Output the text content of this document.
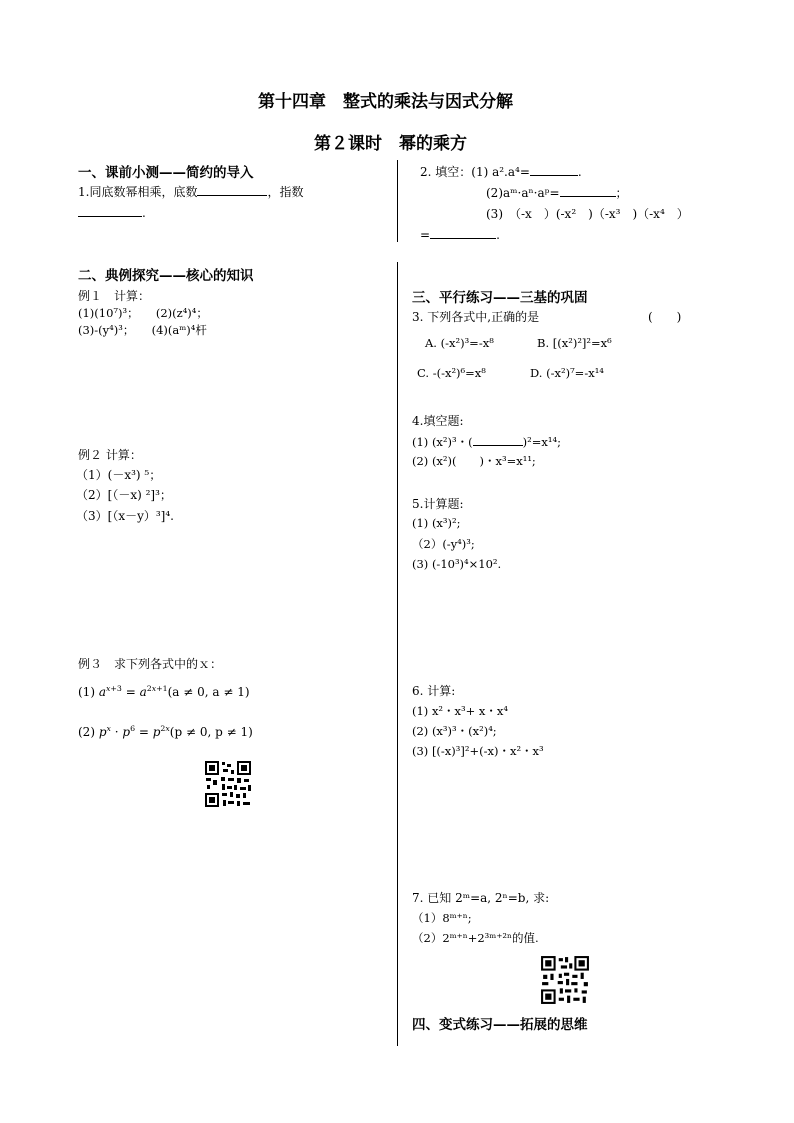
第十四章　整式的乘法与因式分解
第２课时　幂的乘方
一、课前小测——简约的导入
1.同底数幂相乘，底数	，指数
.
二、典例探究——核心的知识
例１　计算：
(1)(10⁷)³；　　(2)(z⁴)⁴；
(3)-(y⁴)³；　　(4)(aᵐ)⁴杆
例２ 计算：
（1）(－x³) ⁵；
（2）[（－x) ²]³；
（3）[（x－y）³]⁴.
例３　求下列各式中的ｘ：
(1) $a^{x+3} = a^{2x+1}(a \ne 0$, a ≠ 1)
(2) $p^x \cdot p^6 = p^{2x}(p \ne 0$, p ≠ 1)
2. 填空：(1) a².a⁴=	.
(2)aᵐ·aⁿ·aᵖ=	；
(3)　（-x　）(-x²　)（-x³　)（-x⁴　）
=	.
三、平行练习——三基的巩固
3. 下列各式中,正确的是	(　　)
A. (-x²)³=-x⁸	B. [(x²)²]²=x⁶
C. -(-x²)⁶=x⁸	D. (-x²)⁷=-x¹⁴
4.填空题:
(1) (x²)³・(	)²=x¹⁴;
(2) (x²)(　　)・x³=x¹¹;
5.计算题:
(1) (x³)²;
（2）(-y⁴)³;
(3) (-10³)⁴×10².
6. 计算:
(1) x²・x³+ x・x⁴
(2) (x³)³・(x²)⁴;
(3) [(-x)³]²+(-x)・x²・x³
7. 已知 2ᵐ=a, 2ⁿ=b, 求:
（1）8ᵐ⁺ⁿ;
（2）2ᵐ⁺ⁿ+2³ᵐ⁺²ⁿ的值.
四、变式练习——拓展的思维
